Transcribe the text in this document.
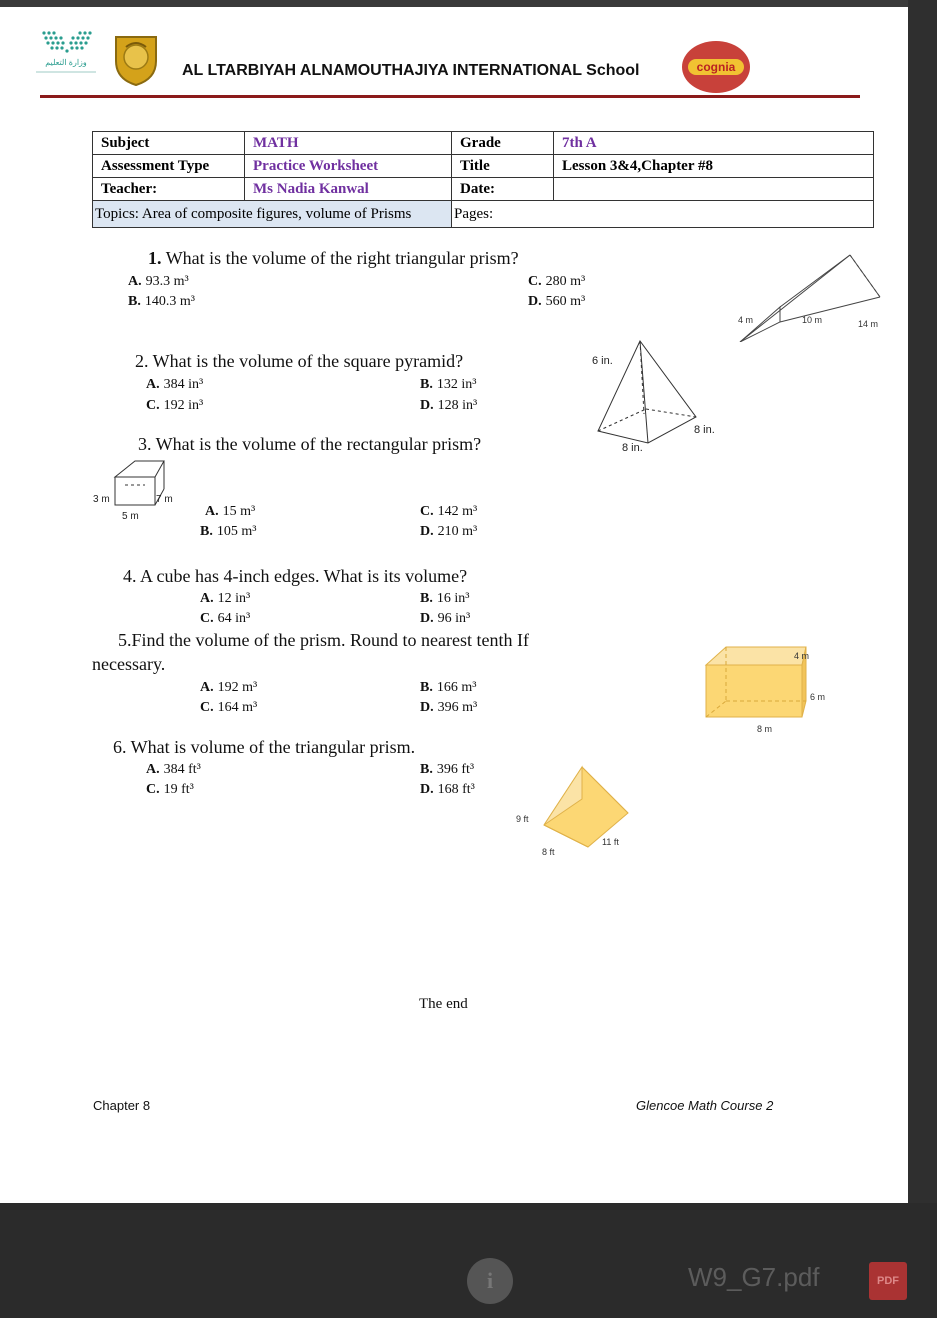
وزارة التعليم	AL LTARBIYAH ALNAMOUTHAJIYA INTERNATIONAL School	cognia
Subject	MATH	Grade	7th A
Assessment Type	Practice Worksheet	Title	Lesson 3&4,Chapter #8
Teacher:	Ms Nadia Kanwal	Date:	
Topics: Area of composite figures, volume of Prisms		Pages:	
1. What is the volume of the right triangular prism?
A. 93.3 m³
B. 140.3 m³
C. 280 m³
D. 560 m³
4 m	10 m	14 m
2. What is the volume of the square pyramid?
A. 384 in³
C. 192 in³
B. 132 in³
D. 128 in³
6 in.
8 in.
8 in.
3. What is the volume of the rectangular prism?
3 m	7 m
5 m	A. 15 m³
B. 105 m³
C. 142 m³
D. 210 m³
4. A cube has 4-inch edges. What is its volume?
A. 12 in³
C. 64 in³
B. 16 in³
D. 96 in³
5.Find the volume of the prism. Round to nearest tenth If
necessary.
A. 192 m³
C. 164 m³
B. 166 m³
D. 396 m³
4 m
6 m
8 m
6. What is volume of the triangular prism.
A. 384 ft³
C. 19 ft³
B. 396 ft³
D. 168 ft³
9 ft
11 ft
8 ft
The end
Chapter 8	Glencoe Math Course 2
i	W9_G7.pdf	PDF
